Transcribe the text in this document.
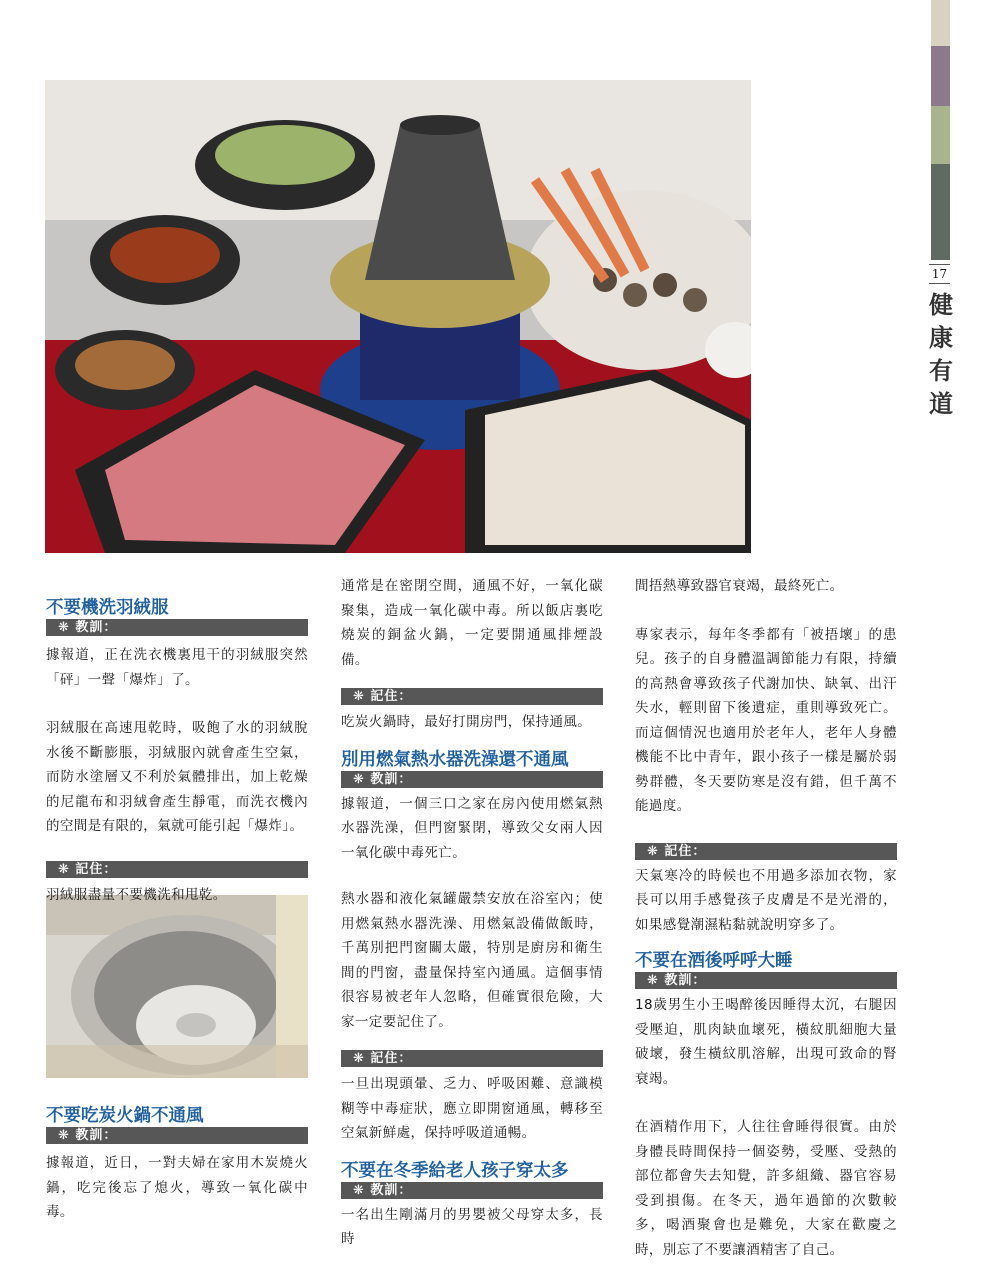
17
健康有道
不要機洗羽絨服
❋ 教訓：

據報道，正在洗衣機裏甩干的羽絨服突然「砰」一聲「爆炸」了。

羽絨服在高速甩乾時，吸飽了水的羽絨脫水後不斷膨脹，羽絨服內就會產生空氣，而防水塗層又不利於氣體排出，加上乾燥的尼龍布和羽絨會產生靜電，而洗衣機內的空間是有限的，氣就可能引起「爆炸」。

❋ 記住：

羽絨服盡量不要機洗和甩乾。

不要吃炭火鍋不通風
❋ 教訓：

據報道，近日，一對夫婦在家用木炭燒火鍋，吃完後忘了熄火，導致一氧化碳中毒。

通常是在密閉空間，通風不好，一氧化碳聚集，造成一氧化碳中毒。所以飯店裏吃燒炭的銅盆火鍋，一定要開通風排煙設備。

❋ 記住：

吃炭火鍋時，最好打開房門，保持通風。

別用燃氣熱水器洗澡還不通風
❋ 教訓：

據報道，一個三口之家在房內使用燃氣熱水器洗澡，但門窗緊閉，導致父女兩人因一氧化碳中毒死亡。

熱水器和液化氣罐嚴禁安放在浴室內；使用燃氣熱水器洗澡、用燃氣設備做飯時，千萬別把門窗關太嚴，特別是廚房和衛生間的門窗，盡量保持室內通風。這個事情很容易被老年人忽略，但確實很危險，大家一定要記住了。

❋ 記住：

一旦出現頭暈、乏力、呼吸困難、意識模糊等中毒症狀，應立即開窗通風，轉移至空氣新鮮處，保持呼吸道通暢。

不要在冬季給老人孩子穿太多
❋ 教訓：

一名出生剛滿月的男嬰被父母穿太多，長時

間捂熱導致器官衰竭，最終死亡。

專家表示，每年冬季都有「被捂壞」的患兒。孩子的自身體溫調節能力有限，持續的高熱會導致孩子代謝加快、缺氧、出汗失水，輕則留下後遺症，重則導致死亡。而這個情況也適用於老年人，老年人身體機能不比中青年，跟小孩子一樣是屬於弱勢群體，冬天要防寒是沒有錯，但千萬不能過度。

❋ 記住：

天氣寒冷的時候也不用過多添加衣物，家長可以用手感覺孩子皮膚是不是光滑的，如果感覺潮濕粘黏就說明穿多了。

不要在酒後呼呼大睡
❋ 教訓：

18歲男生小王喝醉後因睡得太沉，右腿因受壓迫，肌肉缺血壞死，橫紋肌細胞大量破壞，發生橫紋肌溶解，出現可致命的腎衰竭。

在酒精作用下，人往往會睡得很實。由於身體長時間保持一個姿勢，受壓、受熱的部位都會失去知覺，許多組織、器官容易受到損傷。在冬天，過年過節的次數較多，喝酒聚會也是難免，大家在歡慶之時，別忘了不要讓酒精害了自己。
